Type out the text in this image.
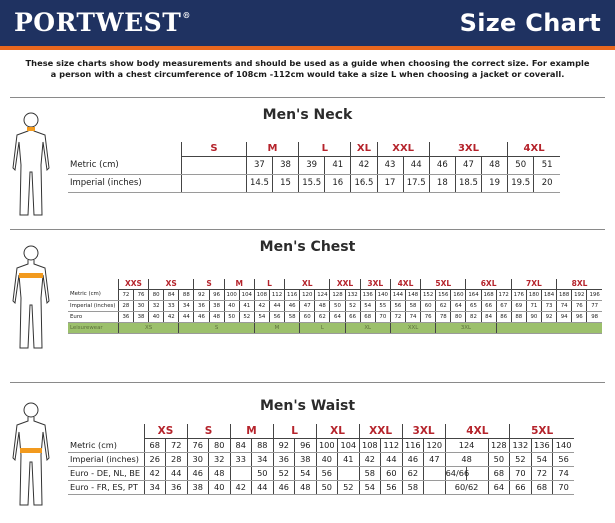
PORTWEST®	Size Chart
These size charts show body measurements and should be used as a guide when choosing the correct size. For example
a person with a chest circumference of 108cm -112cm would take a size L when choosing a jacket or coverall.
Men's Neck
	S	M		L		XL	XXL		3XL			4XL	
Metric (cm)		37	38	39	41	42	43	44	46	47	48	50	51
Imperial (inches)		14.5	15	15.5	16	16.5	17	17.5	18	18.5	19	19.5	20
Men's Chest
	XXS		XS			S		M		L		XL			XXL		3XL		4XL		5XL			6XL			7XL			8XL		
Metric (cm)	72	76	80	84	88	92	96	100	104	108	112	116	120	124	128	132	136	140	144	148	152	156	160	164	168	172	176	180	184	188	192	196
Imperial (inches)	28	30	32	33	34	36	38	40	41	42	44	46	47	48	50	52	54	55	56	58	60	62	64	65	66	67	69	71	73	74	76	77
Euro	36	38	40	42	44	46	48	50	52	54	56	58	60	62	64	66	68	70	72	74	76	78	80	82	84	86	88	90	92	94	96	98
Leisurewear	XS				S					M			L			XL			XXL			3XL										
Men's Waist
	XS		S		M		L		XL		XXL		3XL		4XL			5XL		
Metric (cm)	68	72	76	80	84	88	92	96	100	104	108	112	116	120	124		128	132	136	140
Imperial (inches)	26	28	30	32	33	34	36	38	40	41	42	44	46	47	48		50	52	54	56
Euro - DE, NL, BE	42	44	46	48		50	52	54	56		58	60	62		64/66		68	70	72	74
Euro - FR, ES, PT	34	36	38	40	42	44	46	48	50	52	54	56	58		60/62		64	66	68	70
